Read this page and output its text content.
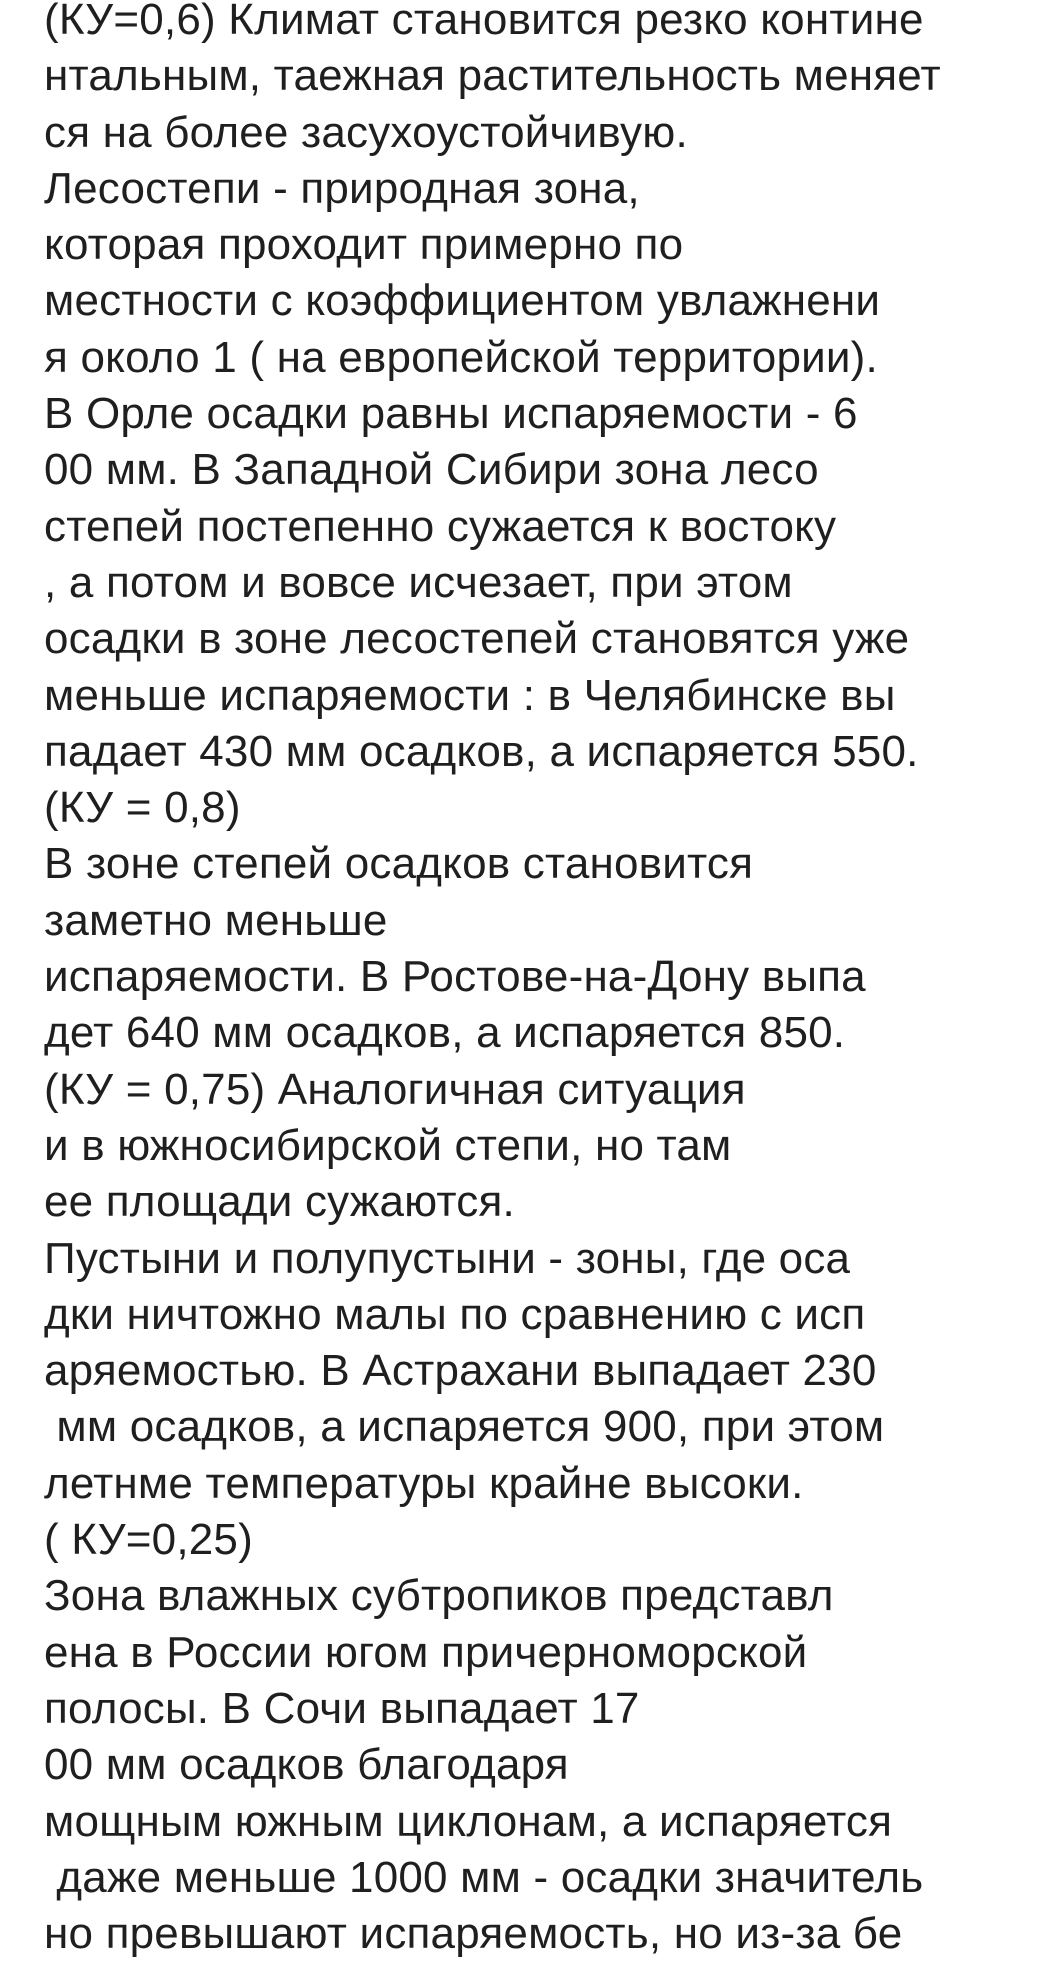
(КУ=0,6) Климат становится резко контине
нтальным, таежная растительность меняет
ся на более засухоустойчивую.
Лесостепи - природная зона,
которая проходит примерно по
местности с коэффициентом увлажнени
я около 1 ( на европейской территории).
В Орле осадки равны испаряемости - 6
00 мм. В Западной Сибири зона лесо
степей постепенно сужается к востоку
, а потом и вовсе исчезает, при этом
осадки в зоне лесостепей становятся уже
меньше испаряемости : в Челябинске вы
падает 430 мм осадков, а испаряется 550.
(КУ = 0,8)
В зоне степей осадков становится
заметно меньше
испаряемости. В Ростове-на-Дону выпа
дет 640 мм осадков, а испаряется 850.
(КУ = 0,75) Аналогичная ситуация
и в южносибирской степи, но там
ее площади сужаются.
Пустыни и полупустыни - зоны, где оса
дки ничтожно малы по сравнению с исп
аряемостью. В Астрахани выпадает 230
мм осадков, а испаряется 900, при этом
летнме температуры крайне высоки.
( КУ=0,25)
Зона влажных субтропиков представл
ена в России югом причерноморской
полосы. В Сочи выпадает 17
00 мм осадков благодаря
мощным южным циклонам, а испаряется
даже меньше 1000 мм - осадки значитель
но превышают испаряемость, но из-за бе
